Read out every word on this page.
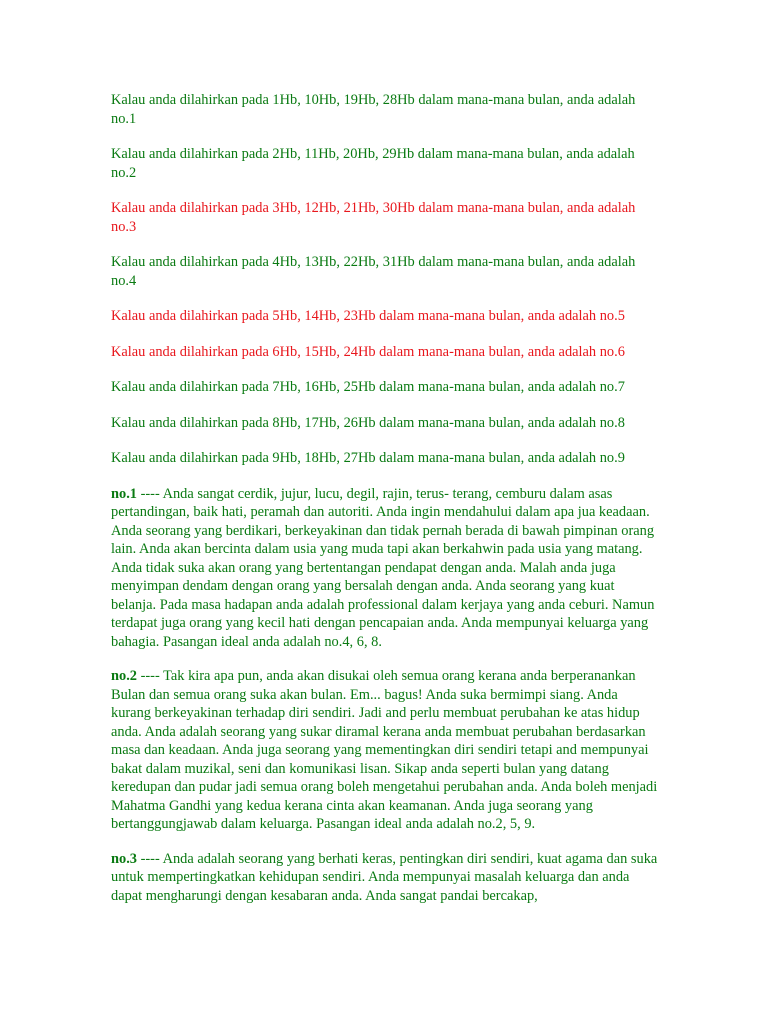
Kalau anda dilahirkan pada 1Hb, 10Hb, 19Hb, 28Hb dalam mana-mana bulan, anda adalah no.1

Kalau anda dilahirkan pada 2Hb, 11Hb, 20Hb, 29Hb dalam mana-mana bulan, anda adalah no.2

Kalau anda dilahirkan pada 3Hb, 12Hb, 21Hb, 30Hb dalam mana-mana bulan, anda adalah no.3

Kalau anda dilahirkan pada 4Hb, 13Hb, 22Hb, 31Hb dalam mana-mana bulan, anda adalah no.4

Kalau anda dilahirkan pada 5Hb, 14Hb, 23Hb dalam mana-mana bulan, anda adalah no.5

Kalau anda dilahirkan pada 6Hb, 15Hb, 24Hb dalam mana-mana bulan, anda adalah no.6

Kalau anda dilahirkan pada 7Hb, 16Hb, 25Hb dalam mana-mana bulan, anda adalah no.7

Kalau anda dilahirkan pada 8Hb, 17Hb, 26Hb dalam mana-mana bulan, anda adalah no.8

Kalau anda dilahirkan pada 9Hb, 18Hb, 27Hb dalam mana-mana bulan, anda adalah no.9

no.1 ---- Anda sangat cerdik, jujur, lucu, degil, rajin, terus- terang, cemburu dalam asas pertandingan, baik hati, peramah dan autoriti. Anda ingin mendahului dalam apa jua keadaan. Anda seorang yang berdikari, berkeyakinan dan tidak pernah berada di bawah pimpinan orang lain. Anda akan bercinta dalam usia yang muda tapi akan berkahwin pada usia yang matang. Anda tidak suka akan orang yang bertentangan pendapat dengan anda. Malah anda juga menyimpan dendam dengan orang yang bersalah dengan anda. Anda seorang yang kuat belanja. Pada masa hadapan anda adalah professional dalam kerjaya yang anda ceburi. Namun terdapat juga orang yang kecil hati dengan pencapaian anda. Anda mempunyai keluarga yang bahagia. Pasangan ideal anda adalah no.4, 6, 8.

no.2 ---- Tak kira apa pun, anda akan disukai oleh semua orang kerana anda berperanankan Bulan dan semua orang suka akan bulan. Em... bagus! Anda suka bermimpi siang. Anda kurang berkeyakinan terhadap diri sendiri. Jadi and perlu membuat perubahan ke atas hidup anda. Anda adalah seorang yang sukar diramal kerana anda membuat perubahan berdasarkan masa dan keadaan. Anda juga seorang yang mementingkan diri sendiri tetapi and mempunyai bakat dalam muzikal, seni dan komunikasi lisan. Sikap anda seperti bulan yang datang keredupan dan pudar jadi semua orang boleh mengetahui perubahan anda. Anda boleh menjadi Mahatma Gandhi yang kedua kerana cinta akan keamanan. Anda juga seorang yang bertanggungjawab dalam keluarga. Pasangan ideal anda adalah no.2, 5, 9.

no.3 ---- Anda adalah seorang yang berhati keras, pentingkan diri sendiri, kuat agama dan suka untuk mempertingkatkan kehidupan sendiri. Anda mempunyai masalah keluarga dan anda dapat mengharungi dengan kesabaran anda. Anda sangat pandai bercakap,
